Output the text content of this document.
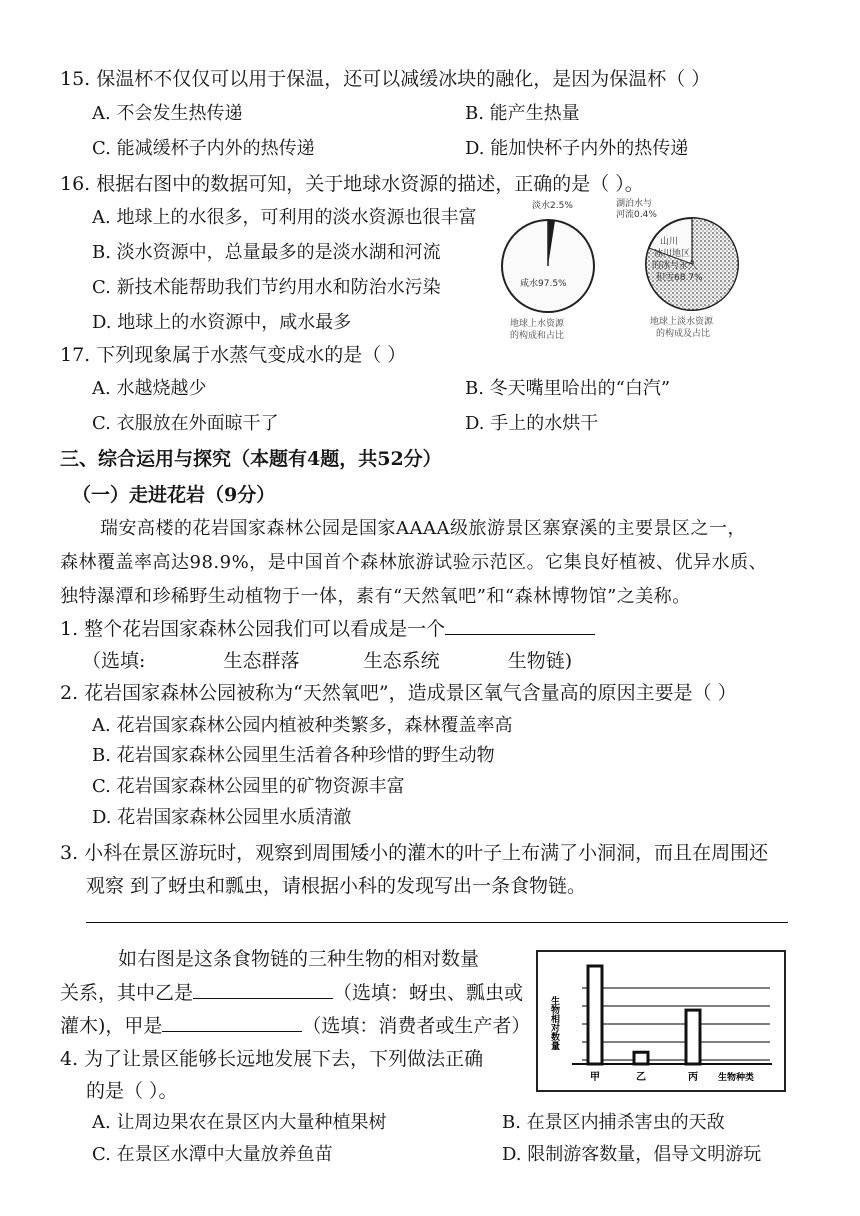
15. 保温杯不仅仅可以用于保温，还可以减缓冰块的融化，是因为保温杯（ ）
A. 不会发生热传递	B. 能产生热量
C. 能减缓杯子内外的热传递	D. 能加快杯子内外的热传递
16. 根据右图中的数据可知，关于地球水资源的描述，正确的是（ ）。
A. 地球上的水很多，可利用的淡水资源也很丰富
B. 淡水资源中，总量最多的是淡水湖和河流
C. 新技术能帮助我们节约用水和防治水污染
D. 地球上的水资源中，咸水最多
淡水2.5%
咸水97.5%
地球上水资源
的构成和占比
湖泊水与
河流0.4%
山川
冰川地区
的冰与永久
积雪68.7%
地球上淡水资源
的构成及占比
17. 下列现象属于水蒸气变成水的是（ ）
A. 水越烧越少	B. 冬天嘴里哈出的“白汽”
C. 衣服放在外面晾干了	D. 手上的水烘干
三、综合运用与探究（本题有4题，共52分）
（一）走进花岩（9分）
瑞安高楼的花岩国家森林公园是国家AAAA级旅游景区寨寮溪的主要景区之一，
森林覆盖率高达98.9%，是中国首个森林旅游试验示范区。它集良好植被、优异水质、
独特瀑潭和珍稀野生动植物于一体，素有“天然氧吧”和“森林博物馆”之美称。
1. 整个花岩国家森林公园我们可以看成是一个
（选填:	生态群落	生态系统	生物链)
2. 花岩国家森林公园被称为“天然氧吧”，造成景区氧气含量高的原因主要是（ ）
A. 花岩国家森林公园内植被种类繁多，森林覆盖率高
B. 花岩国家森林公园里生活着各种珍惜的野生动物
C. 花岩国家森林公园里的矿物资源丰富
D. 花岩国家森林公园里水质清澈
3. 小科在景区游玩时，观察到周围矮小的灌木的叶子上布满了小洞洞，而且在周围还
观察 到了蚜虫和瓢虫，请根据小科的发现写出一条食物链。
如右图是这条食物链的三种生物的相对数量
关系，其中乙是	（选填：蚜虫、瓢虫或
灌木)，甲是	（选填：消费者或生产者） 生物相对数量
甲	乙	丙 生物种类
4. 为了让景区能够长远地发展下去，下列做法正确
的是（ ）。
A. 让周边果农在景区内大量种植果树	B. 在景区内捕杀害虫的天敌
C. 在景区水潭中大量放养鱼苗	D. 限制游客数量，倡导文明游玩
